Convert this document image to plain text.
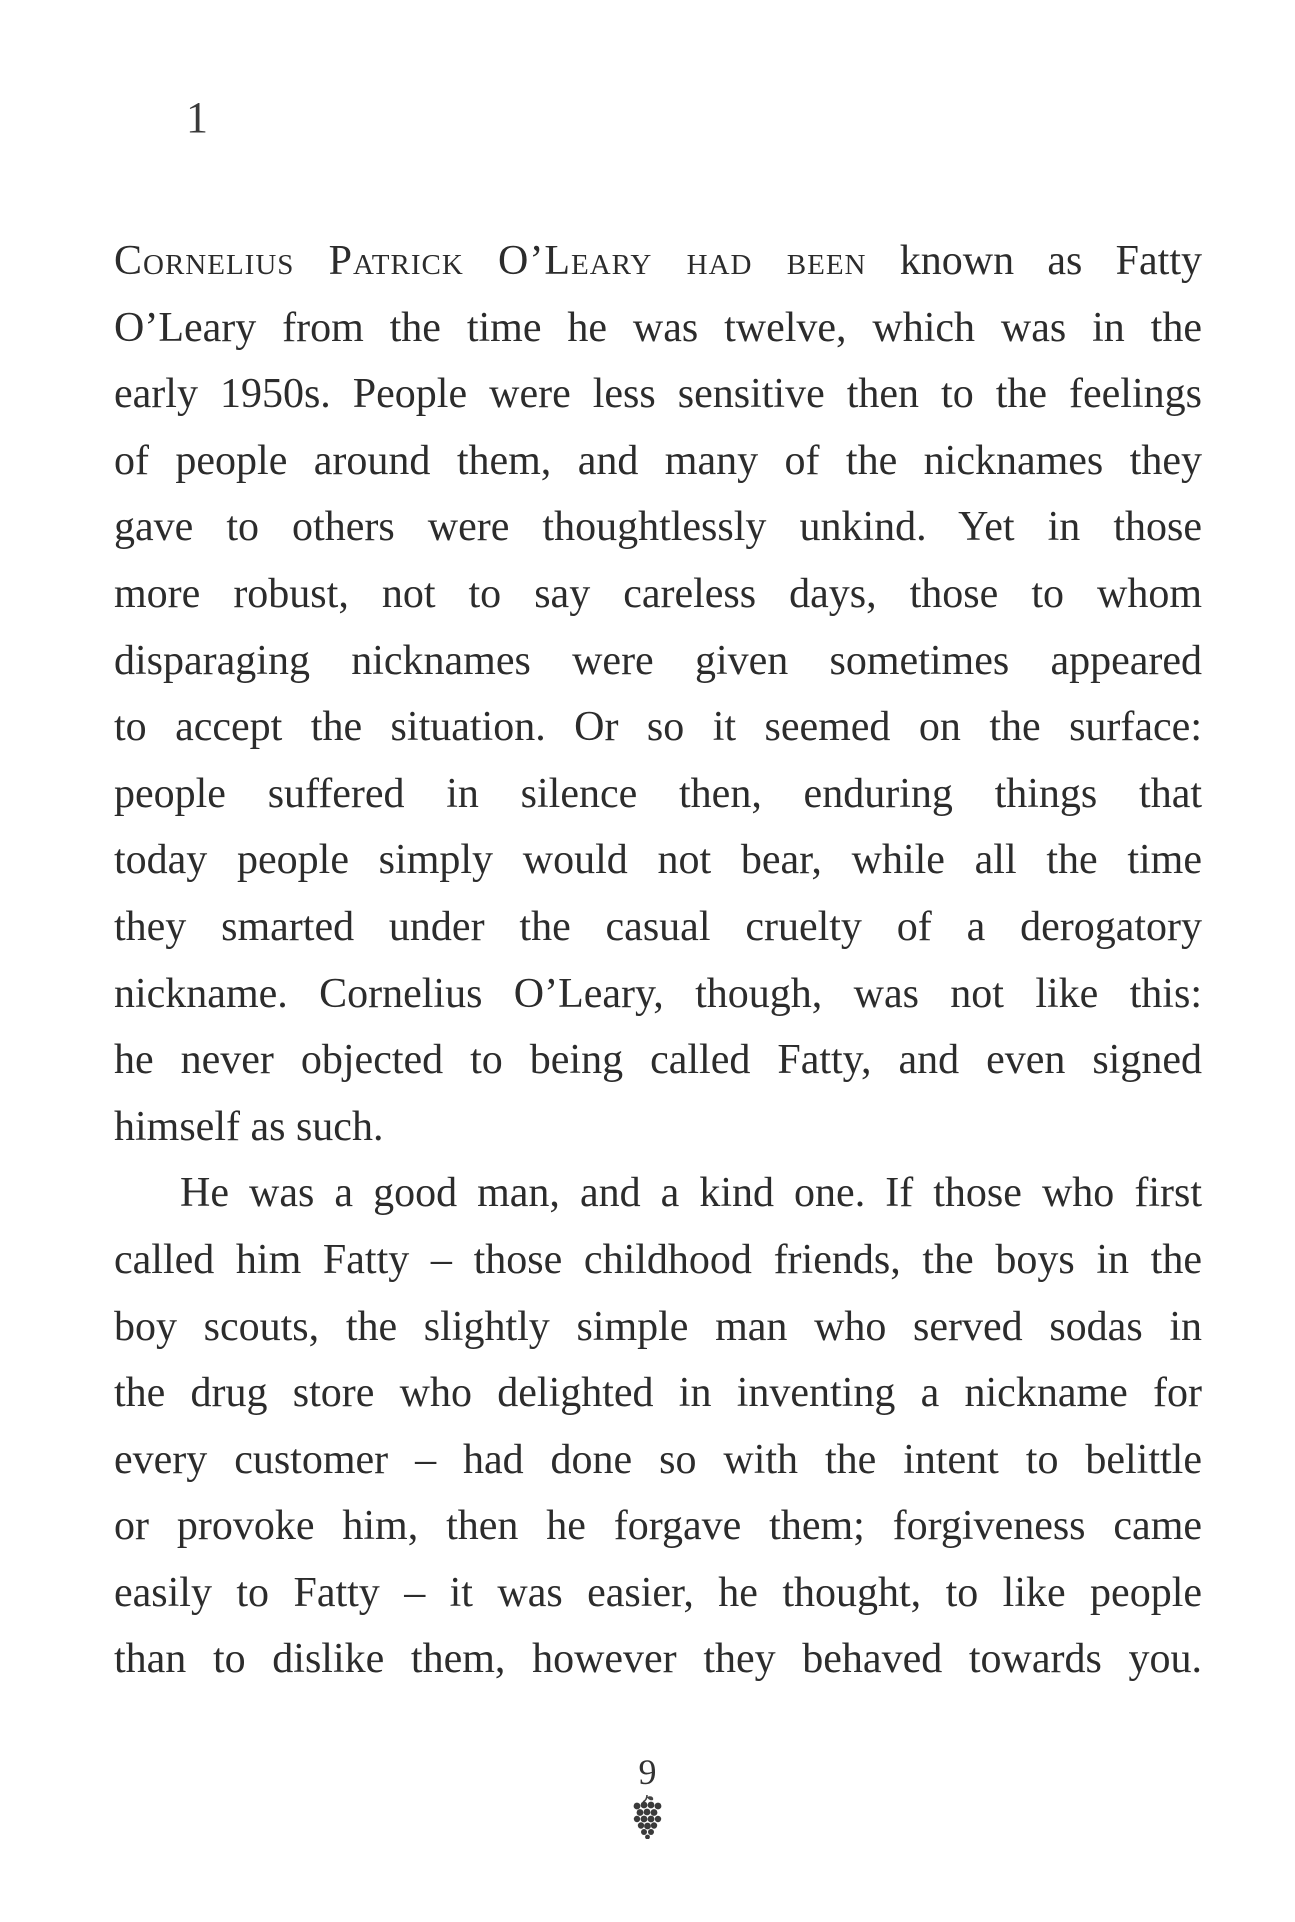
1

Cornelius Patrick O’Leary had been known as Fatty
O’Leary from the time he was twelve, which was in the
early 1950s. People were less sensitive then to the feelings
of people around them, and many of the nicknames they
gave to others were thoughtlessly unkind. Yet in those
more robust, not to say careless days, those to whom
disparaging nicknames were given sometimes appeared
to accept the situation. Or so it seemed on the surface:
people suffered in silence then, enduring things that
today people simply would not bear, while all the time
they smarted under the casual cruelty of a derogatory
nickname. Cornelius O’Leary, though, was not like this:
he never objected to being called Fatty, and even signed
himself as such.

He was a good man, and a kind one. If those who first
called him Fatty – those childhood friends, the boys in the
boy scouts, the slightly simple man who served sodas in
the drug store who delighted in inventing a nickname for
every customer – had done so with the intent to belittle
or provoke him, then he forgave them; forgiveness came
easily to Fatty – it was easier, he thought, to like people
than to dislike them, however they behaved towards you.

9
